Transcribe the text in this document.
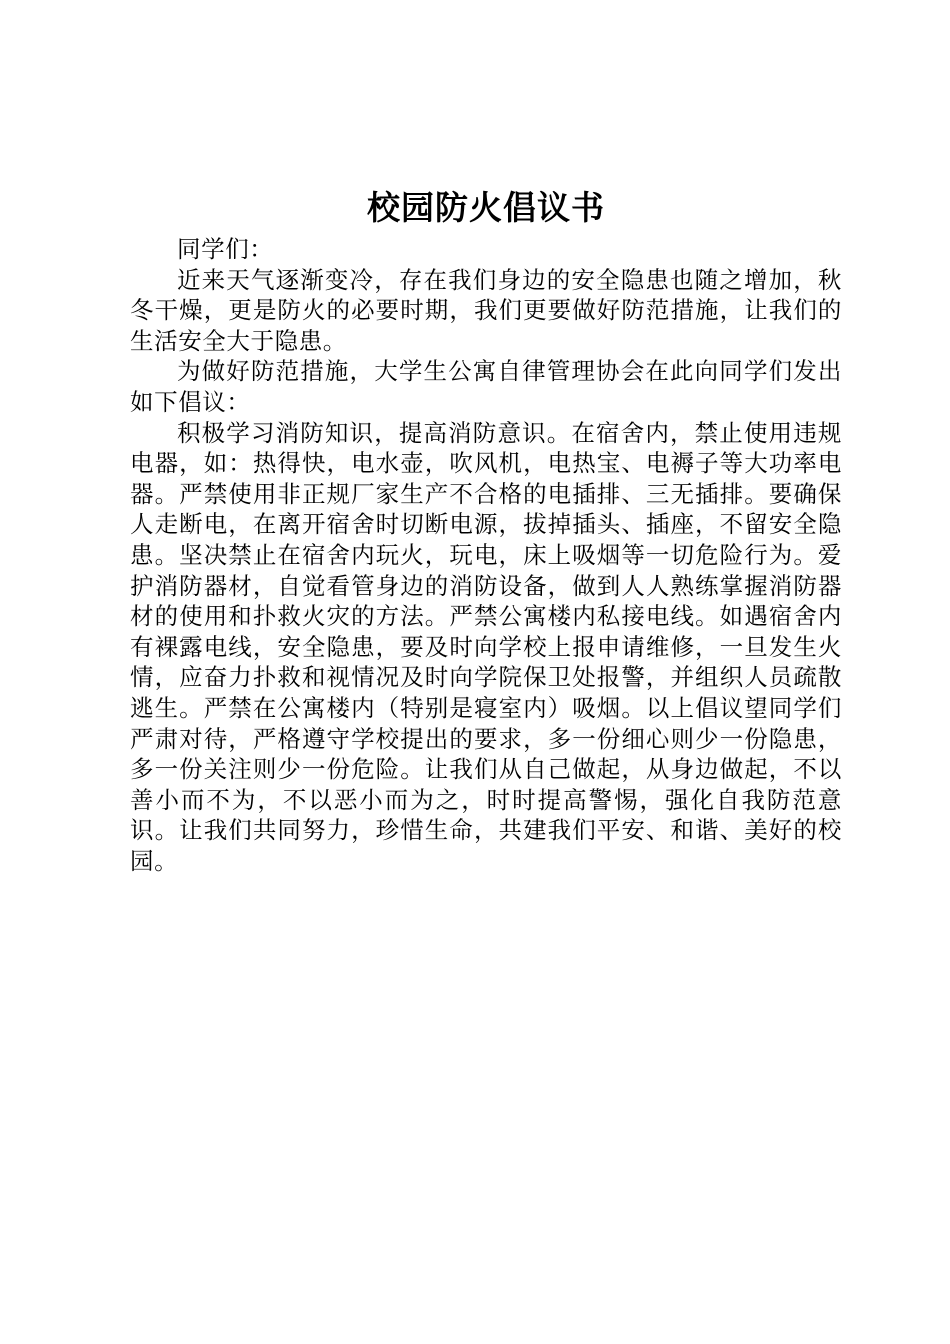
校园防火倡议书

同学们：

近来天气逐渐变冷，存在我们身边的安全隐患也随之增加，秋冬干燥，更是防火的必要时期，我们更要做好防范措施，让我们的生活安全大于隐患。

为做好防范措施，大学生公寓自律管理协会在此向同学们发出如下倡议：

积极学习消防知识，提高消防意识。在宿舍内，禁止使用违规电器，如：热得快，电水壶，吹风机，电热宝、电褥子等大功率电器。严禁使用非正规厂家生产不合格的电插排、三无插排。要确保人走断电，在离开宿舍时切断电源，拔掉插头、插座，不留安全隐患。坚决禁止在宿舍内玩火，玩电，床上吸烟等一切危险行为。爱护消防器材，自觉看管身边的消防设备，做到人人熟练掌握消防器材的使用和扑救火灾的方法。严禁公寓楼内私接电线。如遇宿舍内有裸露电线，安全隐患，要及时向学校上报申请维修，一旦发生火情，应奋力扑救和视情况及时向学院保卫处报警，并组织人员疏散逃生。严禁在公寓楼内（特别是寝室内）吸烟。以上倡议望同学们严肃对待，严格遵守学校提出的要求，多一份细心则少一份隐患，多一份关注则少一份危险。让我们从自己做起，从身边做起，不以善小而不为，不以恶小而为之，时时提高警惕，强化自我防范意识。让我们共同努力，珍惜生命，共建我们平安、和谐、美好的校园。
